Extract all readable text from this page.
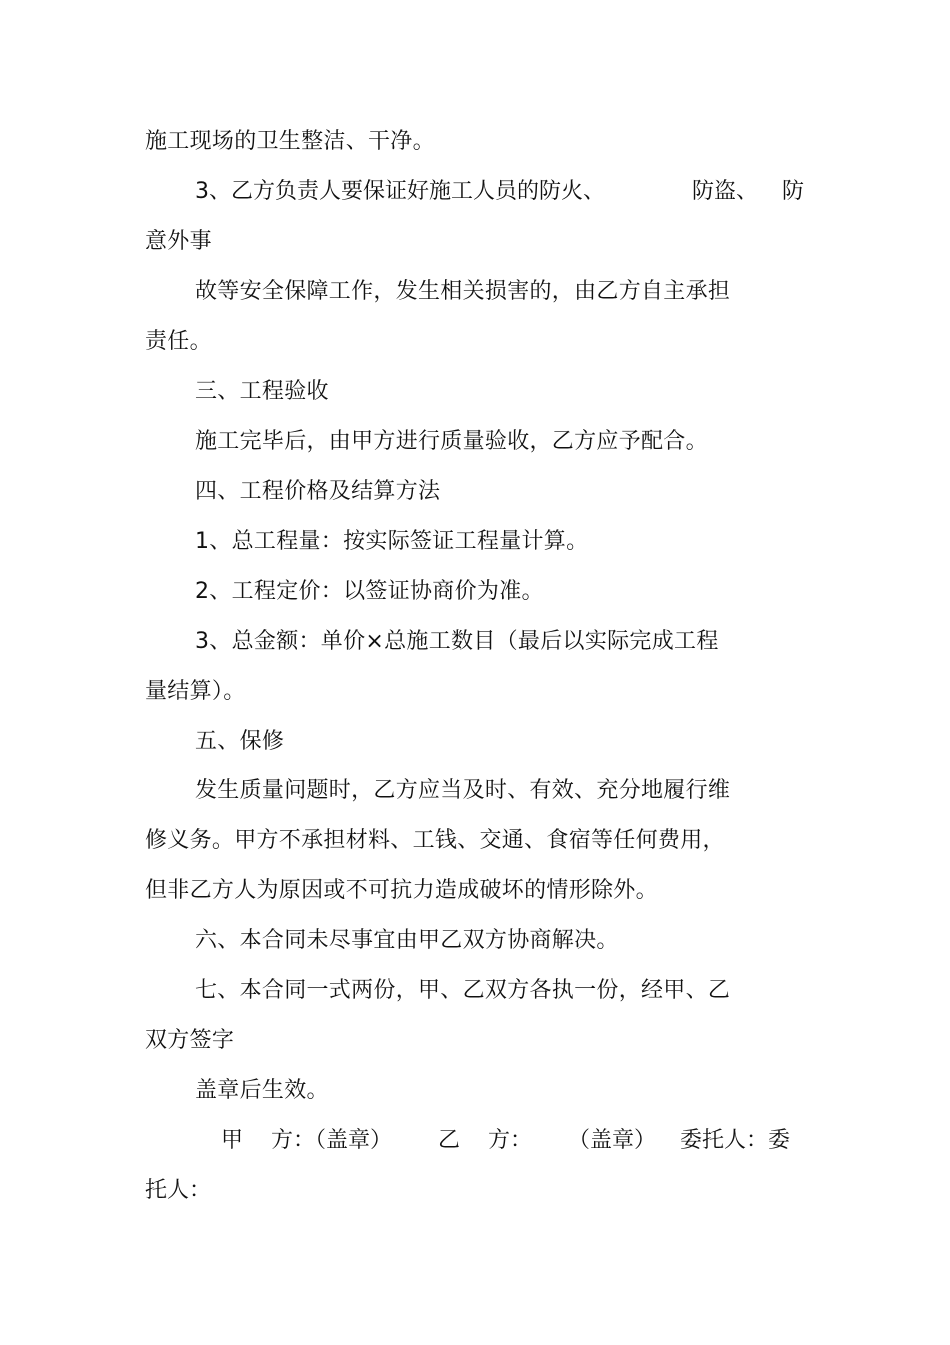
施工现场的卫生整洁、干净。
3、乙方负责人要保证好施工人员的防火、	防盗、 防
意外事
故等安全保障工作，发生相关损害的，由乙方自主承担
责任。
三、工程验收
施工完毕后，由甲方进行质量验收，乙方应予配合。
四、工程价格及结算方法
1、总工程量：按实际签证工程量计算。
2、工程定价：以签证协商价为准。
3、总金额：单价×总施工数目（最后以实际完成工程
量结算）。
五、保修
发生质量问题时，乙方应当及时、有效、充分地履行维
修义务。甲方不承担材料、工钱、交通、食宿等任何费用，
但非乙方人为原因或不可抗力造成破坏的情形除外。
六、本合同未尽事宜由甲乙双方协商解决。
七、本合同一式两份，甲、乙双方各执一份，经甲、乙
双方签字
盖章后生效。
甲 方：（盖章） 乙 方： （盖章） 委托人：委
托人：
